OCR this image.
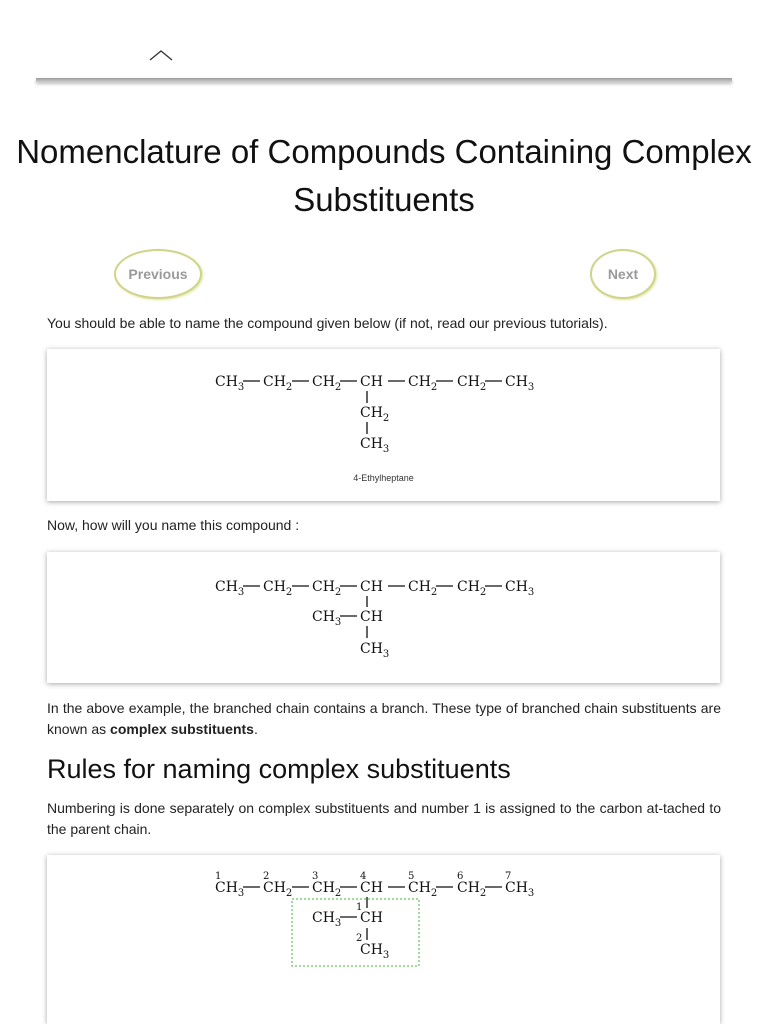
Nomenclature of Compounds Containing Complex Substituents
Previous	Next

You should be able to name the compound given below (if not, read our previous tutorials).

$CH_3$ $CH_2$ $CH_2$ CH $CH_2$ $CH_2$ $CH_3$
$CH_2$
$CH_3$
4-Ethylheptane

Now, how will you name this compound :

$CH_3$ $CH_2$ $CH_2$ CH $CH_2$ $CH_2$ $CH_3$
$CH_3$ CH
$CH_3$

In the above example, the branched chain contains a branch. These type of branched chain substituents are known as complex substituents.

Rules for naming complex substituents

Numbering is done separately on complex substituents and number 1 is assigned to the carbon at-tached to the parent chain.

1	2	3	4	5	6	7
$CH_3$ $CH_2$ $CH_2$ CH $CH_2$ $CH_2$ $CH_3$
1
2
$CH_3$ CH
$CH_3$
